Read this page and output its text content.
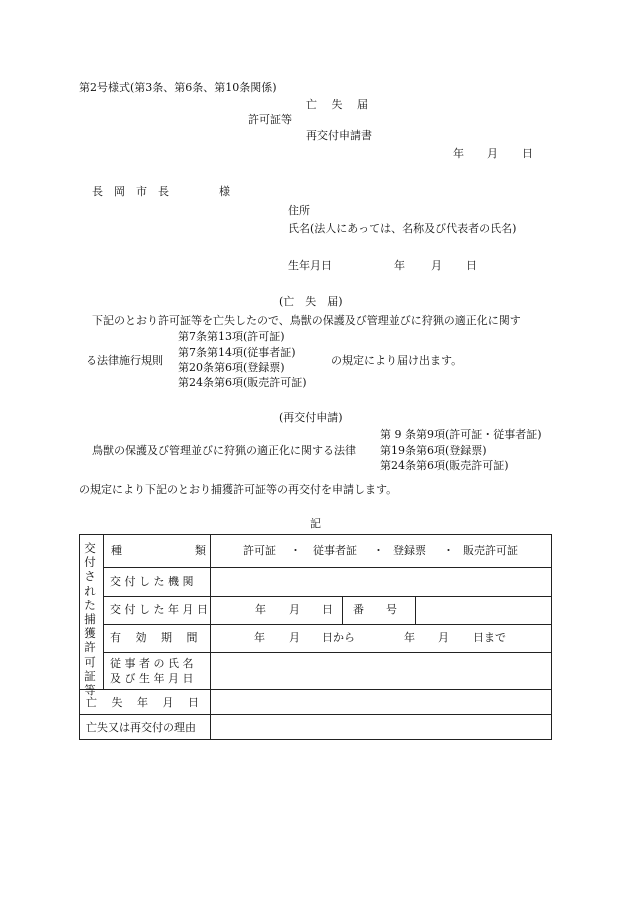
第2号様式(第3条、第6条、第10条関係)
亡　 失　 届
許可証等
再交付申請書
年 月 日
長　岡　市　長	様
住所
氏名(法人にあっては、名称及び代表者の氏名)
生年月日	年 月 日
(亡　失　届)
下記のとおり許可証等を亡失したので、鳥獣の保護及び管理並びに狩猟の適正化に関す
る法律施行規則
第7条第13項(許可証)
第7条第14項(従事者証)
第20条第6項(登録票)
第24条第6項(販売許可証)
の規定により届け出ます。
(再交付申請)
鳥獣の保護及び管理並びに狩猟の適正化に関する法律
第 9 条第9項(許可証・従事者証)
第19条第6項(登録票)
第24条第6項(販売許可証)
の規定により下記のとおり捕獲許可証等の再交付を申請します。
記
交
付
さ
れ
た
捕
獲
許
可
証
等
種	類	許可証 ・ 従事者証 ・ 登録票 ・ 販売許可証
交 付 し た 機 関
交 付 し た 年 月 日	年 月 日 番　　号
有　 効　 期　 間	年 月 日から	年 月 日まで
従 事 者 の 氏 名
及 び 生 年 月 日
亡　 失　 年　 月　 日
亡失又は再交付の理由
